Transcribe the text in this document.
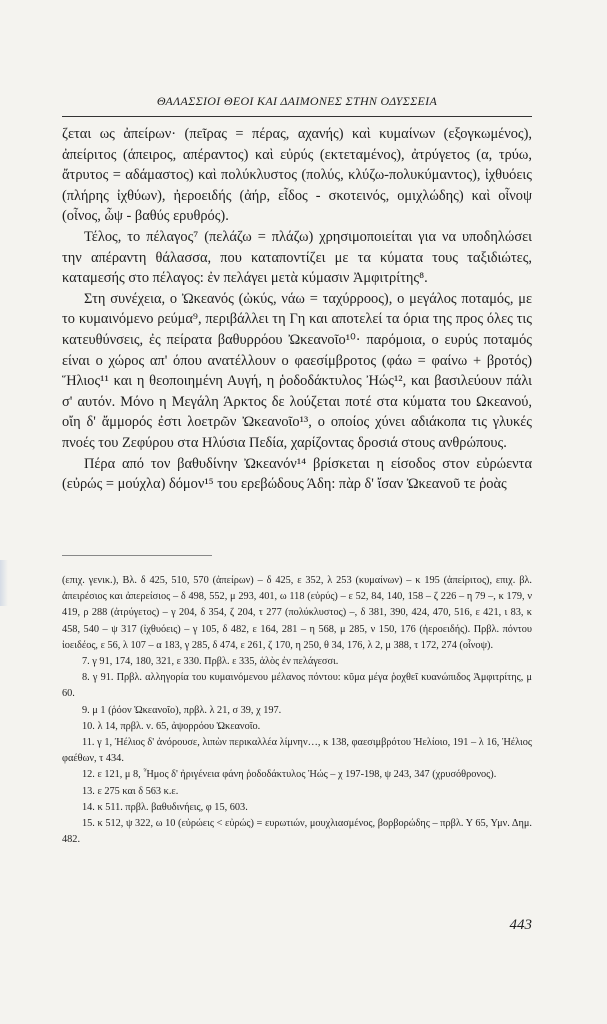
ΘΑΛΑΣΣΙΟΙ ΘΕΟΙ ΚΑΙ ΔΑΙΜΟΝΕΣ ΣΤΗΝ ΟΔΥΣΣΕΙΑ

ζεται ως ἀπείρων· (πεῖρας = πέρας, αχανής) καὶ κυμαίνων (εξογκωμένος), ἀπείριτος (άπειρος, απέραντος) καὶ εὐρύς (εκτεταμένος), ἀτρύγετος (α, τρύω, ἄτρυτος = αδάμαστος) καὶ πολύκλυστος (πολύς, κλύζω-πολυκύμαντος), ἰχθυόεις (πλήρης ἰχθύων), ἠεροειδής (ἀήρ, εἶδος - σκοτεινός, ομιχλώδης) καὶ οἶνοψ (οἶνος, ὦψ - βαθύς ερυθρός).

Τέλος, το πέλαγος⁷ (πελάζω = πλάζω) χρησιμοποιείται για να υποδηλώσει την απέραντη θάλασσα, που καταποντίζει με τα κύματα τους ταξιδιώτες, καταμεσής στο πέλαγος: ἐν πελάγει μετὰ κύμασιν Ἀμφιτρίτης⁸.

Στη συνέχεια, ο Ὠκεανός (ὠκύς, νάω = ταχύρροος), ο μεγάλος ποταμός, με το κυμαινόμενο ρεύμα⁹, περιβάλλει τη Γη και αποτελεί τα όρια της προς όλες τις κατευθύνσεις, ἐς πείρατα βαθυρρόου Ὠκεανοῖο¹⁰· παρόμοια, ο ευρύς ποταμός είναι ο χώρος απ' όπου ανατέλλουν ο φαεσίμβροτος (φάω = φαίνω + βροτός) Ἥλιος¹¹ και η θεοποιημένη Αυγή, η ῥοδοδάκτυλος Ἠώς¹², και βασιλεύουν πάλι σ' αυτόν. Μόνο η Μεγάλη Άρκτος δε λούζεται ποτέ στα κύματα του Ωκεανού, οἴη δ' ἄμμορός ἐστι λοετρῶν Ὠκεανοῖο¹³, ο οποίος χύνει αδιάκοπα τις γλυκές πνοές του Ζεφύρου στα Ηλύσια Πεδία, χαρίζοντας δροσιά στους ανθρώπους.

Πέρα από τον βαθυδίνην Ὠκεανόν¹⁴ βρίσκεται η είσοδος στον εὐρώεντα (εὐρώς = μούχλα) δόμον¹⁵ του ερεβώδους Άδη: πὰρ δ' ἴσαν Ὠκεανοῦ τε ῥοὰς

(επιχ. γενικ.), Βλ. δ 425, 510, 570 (ἀπείρων) – δ 425, ε 352, λ 253 (κυμαίνων) – κ 195 (ἀπείριτος), επιχ. βλ. ἀπειρέσιος και ἀπερείσιος – δ 498, 552, μ 293, 401, ω 118 (εὐρύς) – ε 52, 84, 140, 158 – ζ 226 – η 79 –, κ 179, ν 419, ρ 288 (ἀτρύγετος) – γ 204, δ 354, ζ 204, τ 277 (πολύκλυστος) –, δ 381, 390, 424, 470, 516, ε 421, ι 83, κ 458, 540 – ψ 317 (ἰχθυόεις) – γ 105, δ 482, ε 164, 281 – η 568, μ 285, ν 150, 176 (ἠεροειδής). Πρβλ. πόντου ἰοειδέος, ε 56, λ 107 – α 183, γ 285, δ 474, ε 261, ζ 170, η 250, θ 34, 176, λ 2, μ 388, τ 172, 274 (οἶνοψ).

7. γ 91, 174, 180, 321, ε 330. Πρβλ. ε 335, ἁλὸς ἐν πελάγεσσι.

8. γ 91. Πρβλ. αλληγορία του κυμαινόμενου μέλανος πόντου: κῦμα μέγα ῥοχθεῖ κυανώπιδος Ἀμφιτρίτης, μ 60.

9. μ 1 (ῥόον Ὠκεανοῖο), πρβλ. λ 21, σ 39, χ 197.

10. λ 14, πρβλ. ν. 65, ἀψορρόου Ὠκεανοῖο.

11. γ 1, Ἠέλιος δ' ἀνόρουσε, λιπὼν περικαλλέα λίμνην…, κ 138, φαεσιμβρότου Ἠελίοιο, 191 – λ 16, Ἠέλιος φαέθων, τ 434.

12. ε 121, μ 8, Ἦμος δ' ἠριγένεια φάνη ῥοδοδάκτυλος Ἠώς – χ 197-198, ψ 243, 347 (χρυσόθρονος).

13. ε 275 και δ 563 κ.ε.

14. κ 511. πρβλ. βαθυδινήεις, φ 15, 603.

15. κ 512, ψ 322, ω 10 (εὐρώεις < εὐρώς) = ευρωτιών, μουχλιασμένος, βορβορώδης – πρβλ. Υ 65, Υμν. Δημ. 482.

443
